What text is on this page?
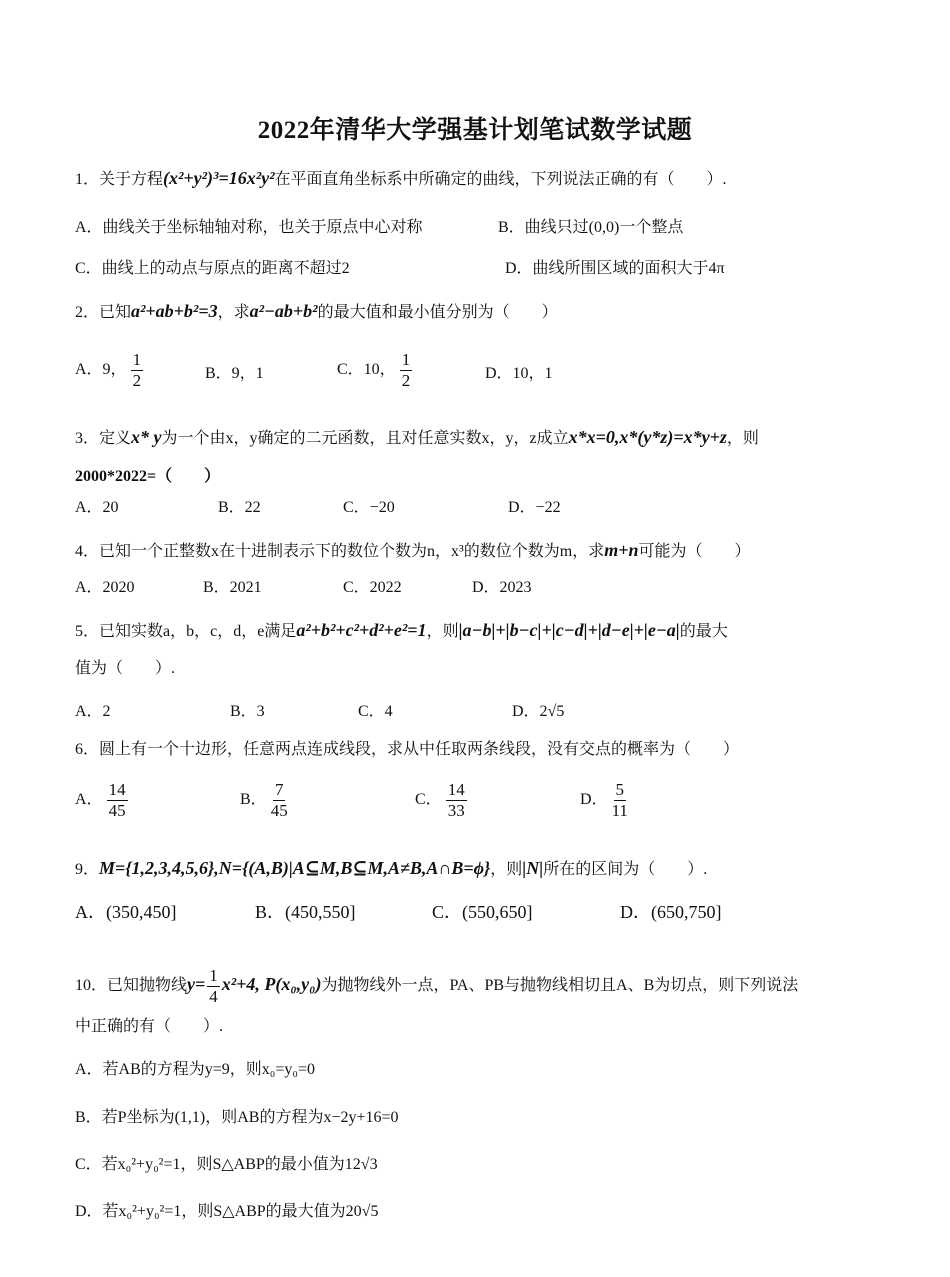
2022年清华大学强基计划笔试数学试题
1．关于方程(x²+y²)³=16x²y²在平面直角坐标系中所确定的曲线，下列说法正确的有（　　）.
A．曲线关于坐标轴轴对称，也关于原点中心对称	B．曲线只过(0,0)一个整点
C．曲线上的动点与原点的距离不超过2	D．曲线所围区域的面积大于4π
2．已知a²+ab+b²=3，求a²−ab+b²的最大值和最小值分别为（　　）
A．9， $\frac{1}{2}$	B．9，1	C．10， $\frac{1}{2}$	D．10，1
3．定义x* y为一个由x，y确定的二元函数，且对任意实数x，y，z成立x*x=0,x*(y*z)=x*y+z，则
2000*2022=（　　）
A．20	B．22	C．−20	D．−22
4．已知一个正整数x在十进制表示下的数位个数为n，x³的数位个数为m，求m+n可能为（　　）
A．2020	B．2021	C．2022	D．2023
5．已知实数a，b，c，d，e满足a²+b²+c²+d²+e²=1，则|a−b|+|b−c|+|c−d|+|d−e|+|e−a|的最大
值为（　　）.
A．2	B．3	C．4	D．2√5
6．圆上有一个十边形，任意两点连成线段，求从中任取两条线段，没有交点的概率为（　　）
A． $\frac{14}{45}$	B． $\frac{7}{45}$	C． $\frac{14}{33}$	D． $\frac{5}{11}$
9．M={1,2,3,4,5,6},N={(A,B)|A⊆M,B⊆M,A≠B,A∩B=ϕ}，则|N|所在的区间为（　　）.
A．(350,450]	B．(450,550]	C．(550,650]	D．(650,750]
10．已知抛物线$y= \frac{1}{4} x^2+4$, P(x₀,y₀)为抛物线外一点，PA、PB与抛物线相切且A、B为切点，则下列说法
中正确的有（　　）.
A．若AB的方程为y=9，则x₀=y₀=0
B．若P坐标为(1,1)，则AB的方程为x−2y+16=0
C．若x₀²+y₀²=1，则S△ABP的最小值为12√3
D．若x₀²+y₀²=1，则S△ABP的最大值为20√5
